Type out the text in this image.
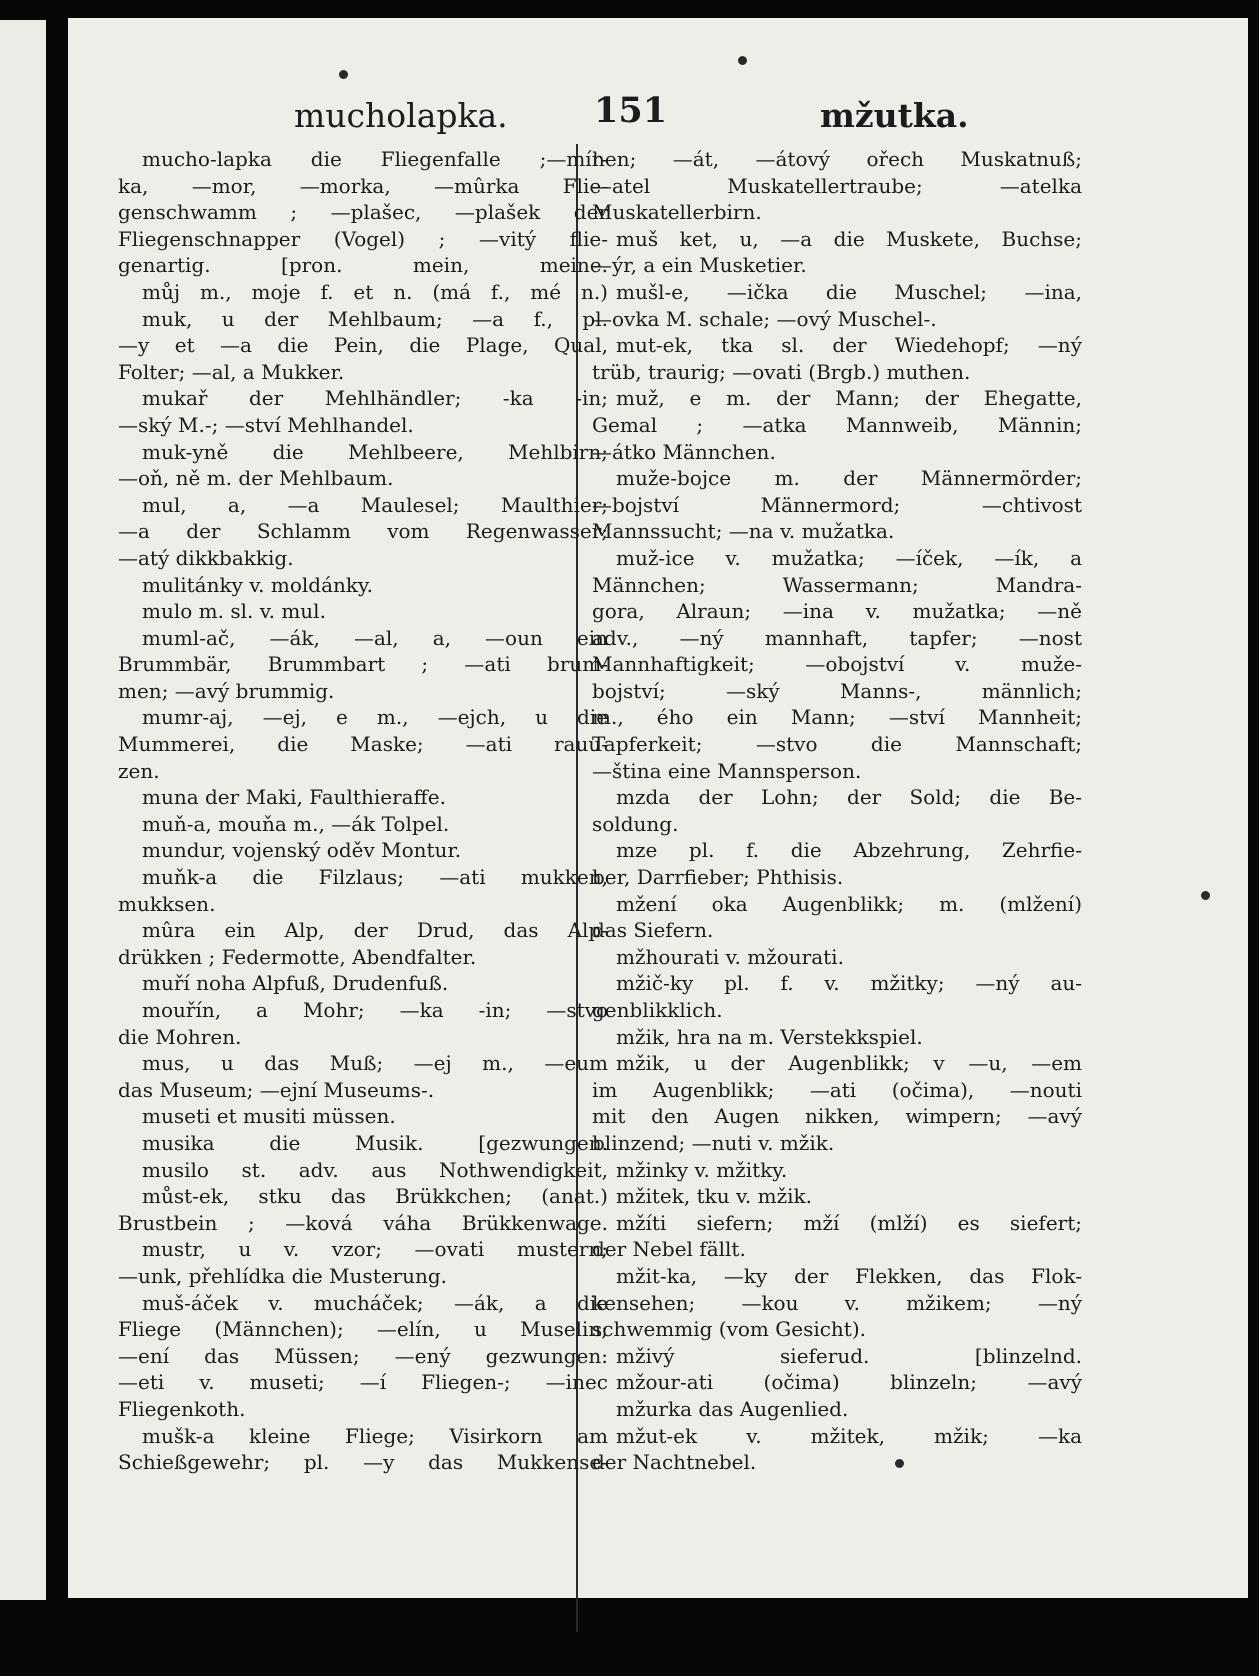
mucholapka. 151	mžutka.
mucho-lapka die Fliegenfalle ;—mír-
ka, —mor, —morka, —mûrka Flie-
genschwamm ; —plašec, —plašek der
Fliegenschnapper (Vogel) ; —vitý flie-
genartig. [pron. mein, meine.
můj m., moje f. et n. (má f., mé n.)
muk, u der Mehlbaum; —a f., pl.
—y et —a die Pein, die Plage, Qual,
Folter; —al, a Mukker.
mukař der Mehlhändler; -ka -in;
—ský M.-; —ství Mehlhandel.
muk-yně die Mehlbeere, Mehlbirn;
—oň, ně m. der Mehlbaum.
mul, a, —a Maulesel; Maulthier;
—a der Schlamm vom Regenwasser;
—atý dikkbakkig.
mulitánky v. moldánky.
mulo m. sl. v. mul.
muml-ač, —ák, —al, a, —oun ein
Brummbär, Brummbart ; —ati brum-
men; —avý brummig.
mumr-aj, —ej, e m., —ejch, u die
Mummerei, die Maske; —ati rauu-
zen.
muna der Maki, Faulthieraffe.
muň-a, mouňa m., —ák Tolpel.
mundur, vojenský oděv Montur.
muňk-a die Filzlaus; —ati mukken,
mukksen.
mûra ein Alp, der Drud, das Alp-
drükken ; Federmotte, Abendfalter.
muří noha Alpfuß, Drudenfuß.
mouřín, a Mohr; —ka -in; —stvo
die Mohren.
mus, u das Muß; —ej m., —eum
das Museum; —ejní Museums-.
museti et musiti müssen.
musika die Musik. [gezwungen.
musilo st. adv. aus Nothwendigkeit,
můst-ek, stku das Brükkchen; (anat.)
Brustbein ; —ková váha Brükkenwage.
mustr, u v. vzor; —ovati mustern;
—unk, přehlídka die Musterung.
muš-áček v. mucháček; —ák, a die
Fliege (Männchen); —elín, u Muselin;
—ení das Müssen; —ený gezwungen:
—eti v. museti; —í Fliegen-; —inec
Fliegenkoth.
mušk-a kleine Fliege; Visirkorn am
Schießgewehr; pl. —y das Mukkense-
hen; —át, —átový ořech Muskatnuß;
—atel Muskatellertraube; —atelka
Muskatellerbirn.
muš ket, u, —a die Muskete, Buchse;
—ýr, a ein Musketier.
mušl-e, —ička die Muschel; —ina,
—ovka M. schale; —ový Muschel-.
mut-ek, tka sl. der Wiedehopf; —ný
trüb, traurig; —ovati (Brgb.) muthen.
muž, e m. der Mann; der Ehegatte,
Gemal ; —atka Mannweib, Männin;
—átko Männchen.
muže-bojce m. der Männermörder;
—bojství Männermord; —chtivost
Mannssucht; —na v. mužatka.
muž-ice v. mužatka; —íček, —ík, a
Männchen; Wassermann; Mandra-
gora, Alraun; —ina v. mužatka; —ně
adv., —ný mannhaft, tapfer; —nost
Mannhaftigkeit; —obojství v. muže-
bojství; —ský Manns-, männlich;
m., ého ein Mann; —ství Mannheit;
Tapferkeit; —stvo die Mannschaft;
—ština eine Mannsperson.
mzda der Lohn; der Sold; die Be-
soldung.
mze pl. f. die Abzehrung, Zehrfie-
ber, Darrfieber; Phthisis.
mžení oka Augenblikk; m. (mlžení)
das Siefern.
mžhourati v. mžourati.
mžič-ky pl. f. v. mžitky; —ný au-
genblikklich.
mžik, hra na m. Verstekkspiel.
mžik, u der Augenblikk; v —u, —em
im Augenblikk; —ati (očima), —nouti
mit den Augen nikken, wimpern; —avý
blinzend; —nuti v. mžik.
mžinky v. mžitky.
mžitek, tku v. mžik.
mžíti siefern; mží (mlží) es siefert;
der Nebel fällt.
mžit-ka, —ky der Flekken, das Flok-
kensehen; —kou v. mžikem; —ný
schwemmig (vom Gesicht).
mživý sieferud. [blinzelnd.
mžour-ati (očima) blinzeln; —avý
mžurka das Augenlied.
mžut-ek v. mžitek, mžik; —ka
der Nachtnebel.
